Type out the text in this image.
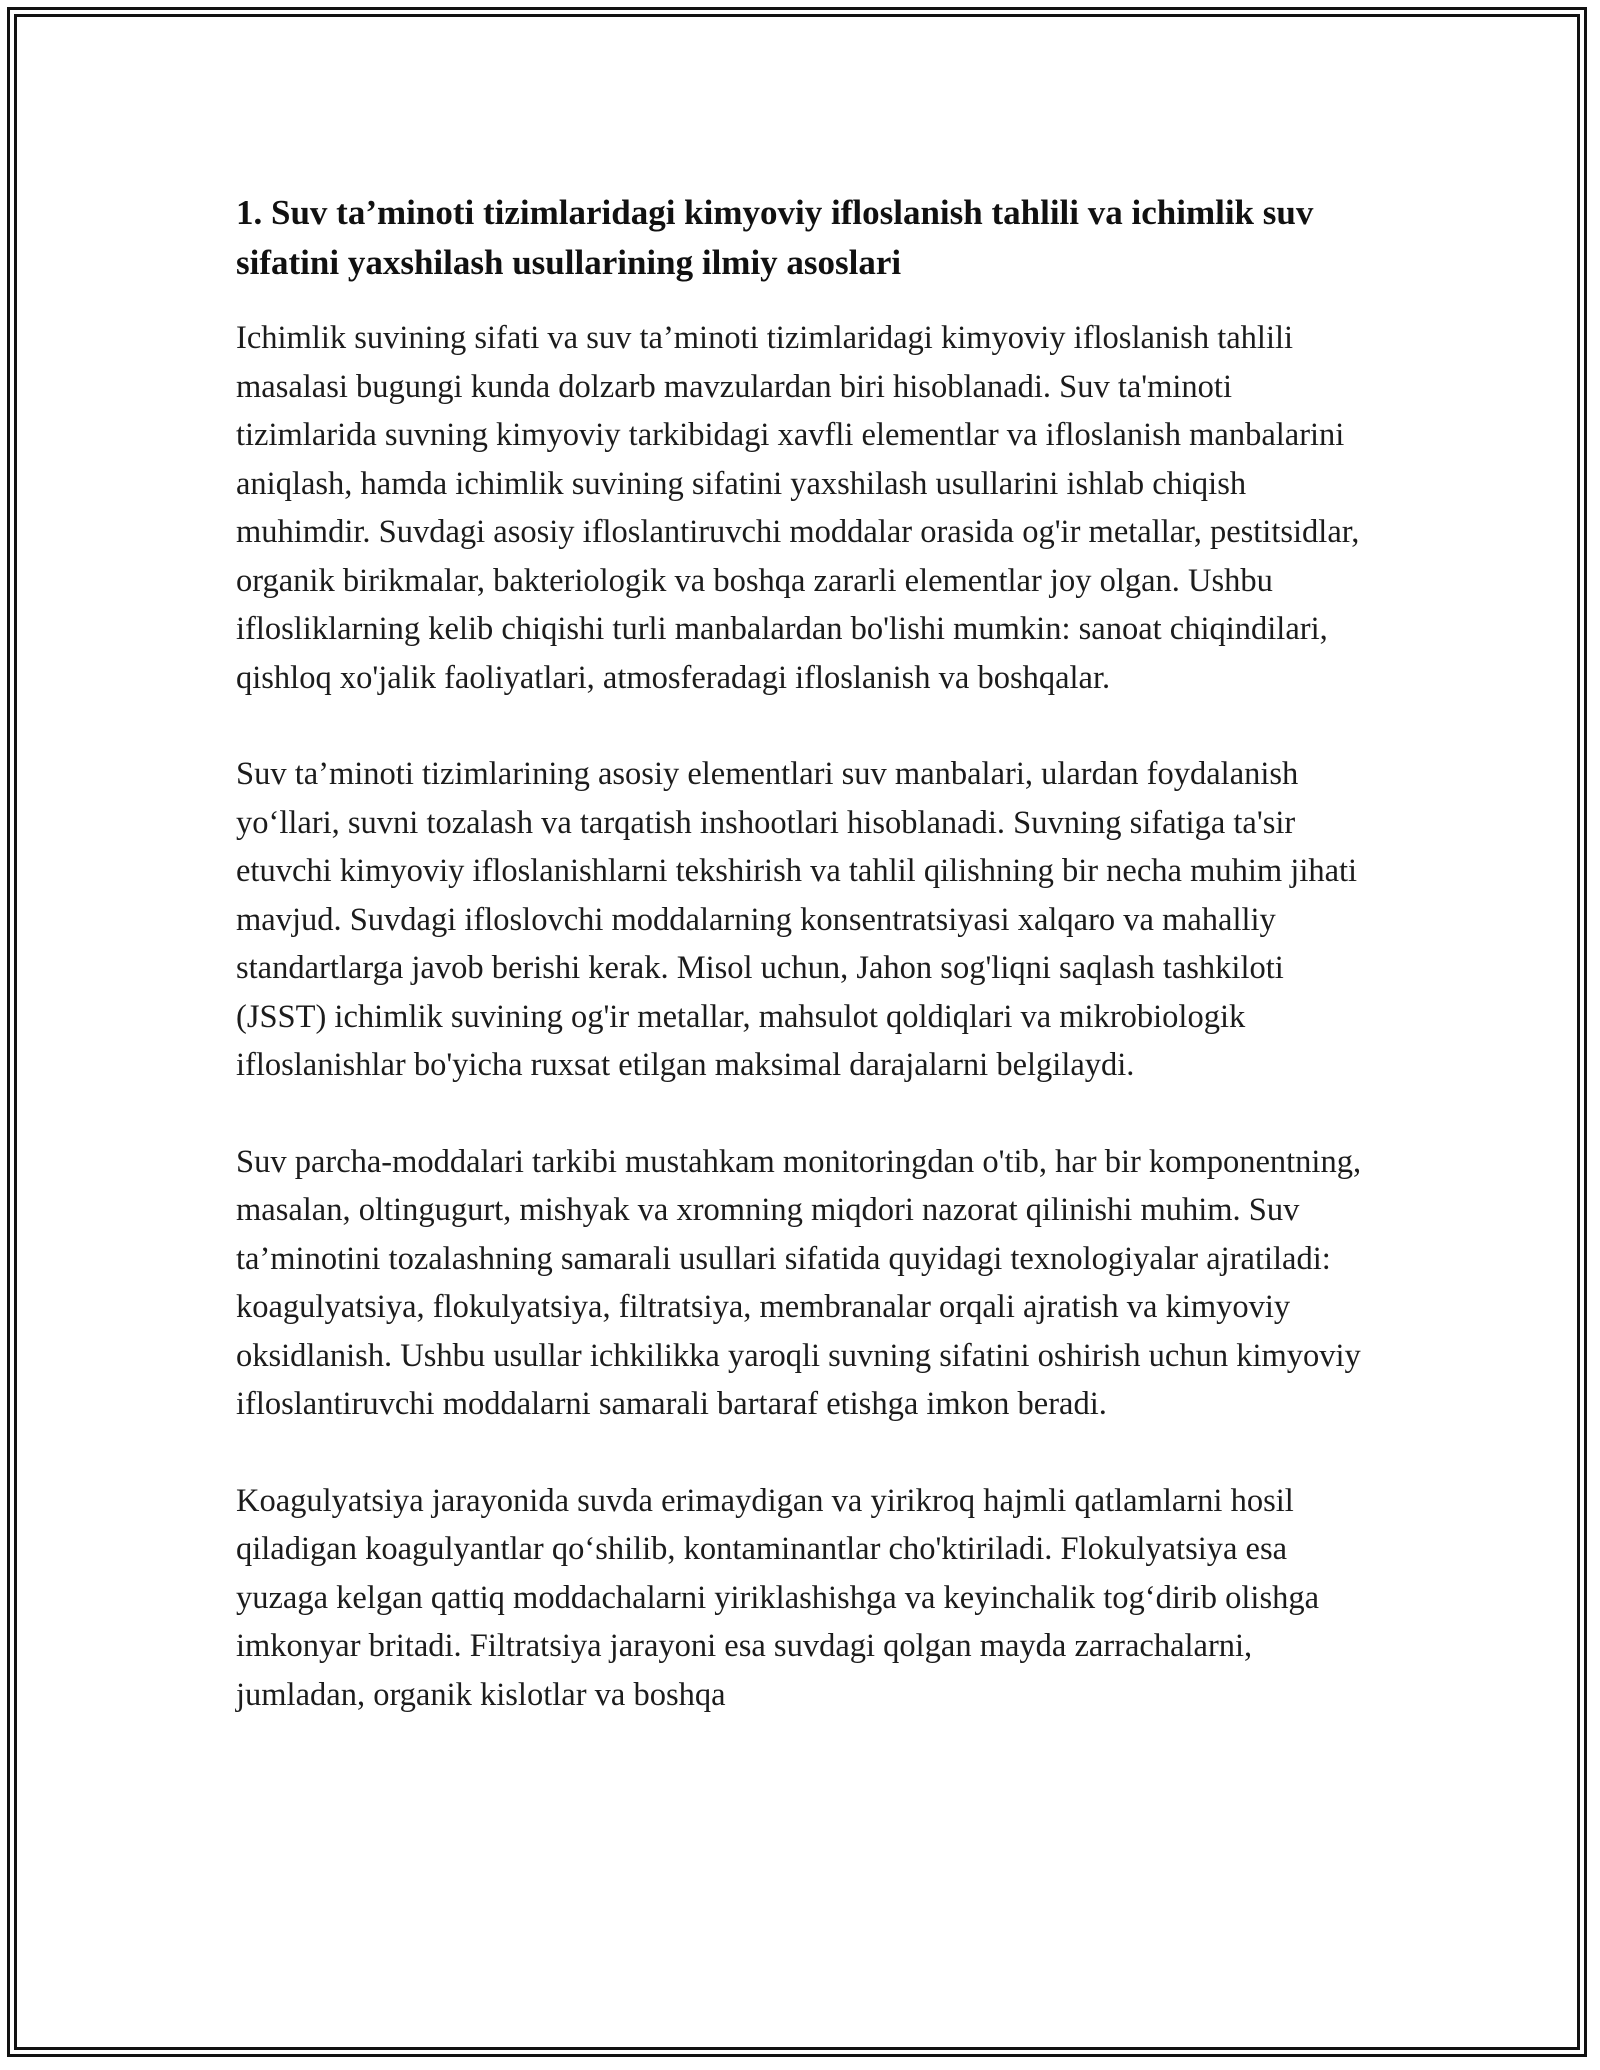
1. Suv ta’minoti tizimlaridagi kimyoviy ifloslanish tahlili va ichimlik suv sifatini yaxshilash usullarining ilmiy asoslari

Ichimlik suvining sifati va suv ta’minoti tizimlaridagi kimyoviy ifloslanish tahlili masalasi bugungi kunda dolzarb mavzulardan biri hisoblanadi. Suv ta'minoti tizimlarida suvning kimyoviy tarkibidagi xavfli elementlar va ifloslanish manbalarini aniqlash, hamda ichimlik suvining sifatini yaxshilash usullarini ishlab chiqish muhimdir. Suvdagi asosiy ifloslantiruvchi moddalar orasida og'ir metallar, pestitsidlar, organik birikmalar, bakteriologik va boshqa zararli elementlar joy olgan. Ushbu iflosliklarning kelib chiqishi turli manbalardan bo'lishi mumkin: sanoat chiqindilari, qishloq xo'jalik faoliyatlari, atmosferadagi ifloslanish va boshqalar.

Suv ta’minoti tizimlarining asosiy elementlari suv manbalari, ulardan foydalanish yo‘llari, suvni tozalash va tarqatish inshootlari hisoblanadi. Suvning sifatiga ta'sir etuvchi kimyoviy ifloslanishlarni tekshirish va tahlil qilishning bir necha muhim jihati mavjud. Suvdagi ifloslovchi moddalarning konsentratsiyasi xalqaro va mahalliy standartlarga javob berishi kerak. Misol uchun, Jahon sog'liqni saqlash tashkiloti (JSST) ichimlik suvining og'ir metallar, mahsulot qoldiqlari va mikrobiologik ifloslanishlar bo'yicha ruxsat etilgan maksimal darajalarni belgilaydi.

Suv parcha-moddalari tarkibi mustahkam monitoringdan o'tib, har bir komponentning, masalan, oltingugurt, mishyak va xromning miqdori nazorat qilinishi muhim. Suv ta’minotini tozalashning samarali usullari sifatida quyidagi texnologiyalar ajratiladi: koagulyatsiya, flokulyatsiya, filtratsiya, membranalar orqali ajratish va kimyoviy oksidlanish. Ushbu usullar ichkilikka yaroqli suvning sifatini oshirish uchun kimyoviy ifloslantiruvchi moddalarni samarali bartaraf etishga imkon beradi.

Koagulyatsiya jarayonida suvda erimaydigan va yirikroq hajmli qatlamlarni hosil qiladigan koagulyantlar qo‘shilib, kontaminantlar cho'ktiriladi. Flokulyatsiya esa yuzaga kelgan qattiq moddachalarni yiriklashishga va keyinchalik tog‘dirib olishga imkonyar britadi. Filtratsiya jarayoni esa suvdagi qolgan mayda zarrachalarni, jumladan, organik kislotlar va boshqa
